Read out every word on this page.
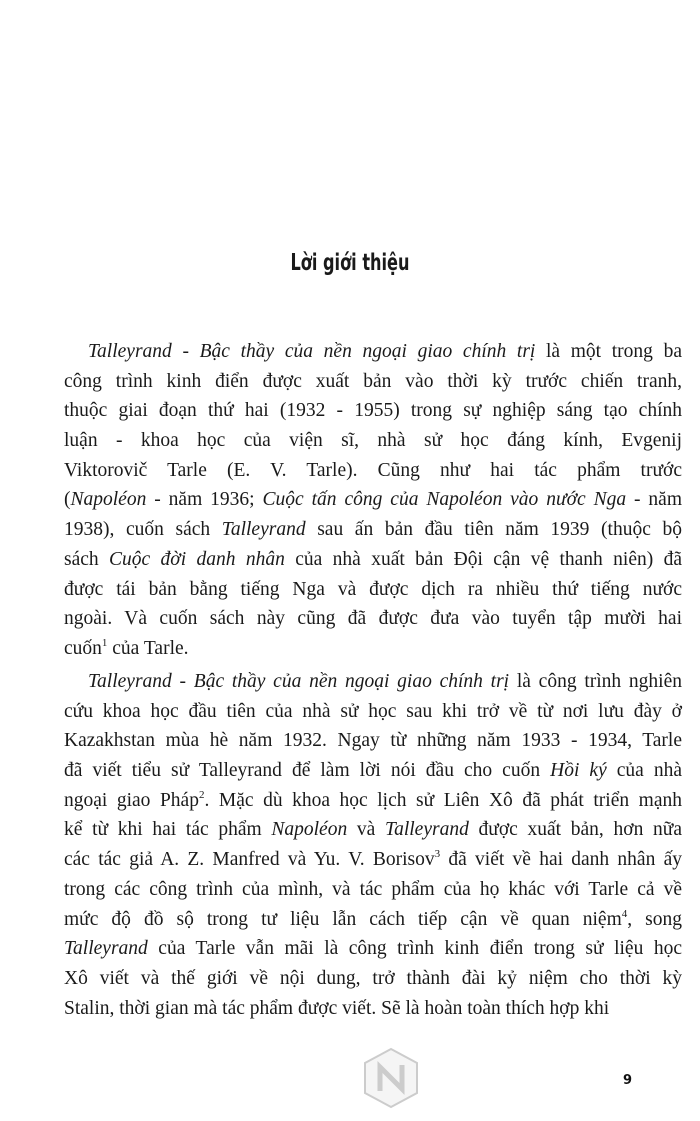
Lời giới thiệu
Talleyrand - Bậc thầy của nền ngoại giao chính trị là một trong ba
công trình kinh điển được xuất bản vào thời kỳ trước chiến tranh,
thuộc giai đoạn thứ hai (1932 - 1955) trong sự nghiệp sáng tạo chính
luận - khoa học của viện sĩ, nhà sử học đáng kính, Evgenij
Viktorovič Tarle (E. V. Tarle). Cũng như hai tác phẩm trước
(Napoléon - năm 1936; Cuộc tấn công của Napoléon vào nước Nga - năm
1938), cuốn sách Talleyrand sau ấn bản đầu tiên năm 1939 (thuộc bộ
sách Cuộc đời danh nhân của nhà xuất bản Đội cận vệ thanh niên) đã
được tái bản bằng tiếng Nga và được dịch ra nhiều thứ tiếng nước
ngoài. Và cuốn sách này cũng đã được đưa vào tuyển tập mười hai
cuốn$^1$ của Tarle.
Talleyrand - Bậc thầy của nền ngoại giao chính trị là công trình nghiên
cứu khoa học đầu tiên của nhà sử học sau khi trở về từ nơi lưu đày ở
Kazakhstan mùa hè năm 1932. Ngay từ những năm 1933 - 1934, Tarle
đã viết tiểu sử Talleyrand để làm lời nói đầu cho cuốn Hồi ký của nhà
ngoại giao Pháp$^2$. Mặc dù khoa học lịch sử Liên Xô đã phát triển mạnh
kể từ khi hai tác phẩm Napoléon và Talleyrand được xuất bản, hơn nữa
các tác giả A. Z. Manfred và Yu. V. Borisov$^3$ đã viết về hai danh nhân ấy
trong các công trình của mình, và tác phẩm của họ khác với Tarle cả về
mức độ đồ sộ trong tư liệu lẫn cách tiếp cận về quan niệm$^4$, song
Talleyrand của Tarle vẫn mãi là công trình kinh điển trong sử liệu học
Xô viết và thế giới về nội dung, trở thành đài kỷ niệm cho thời kỳ
Stalin, thời gian mà tác phẩm được viết. Sẽ là hoàn toàn thích hợp khi
9
